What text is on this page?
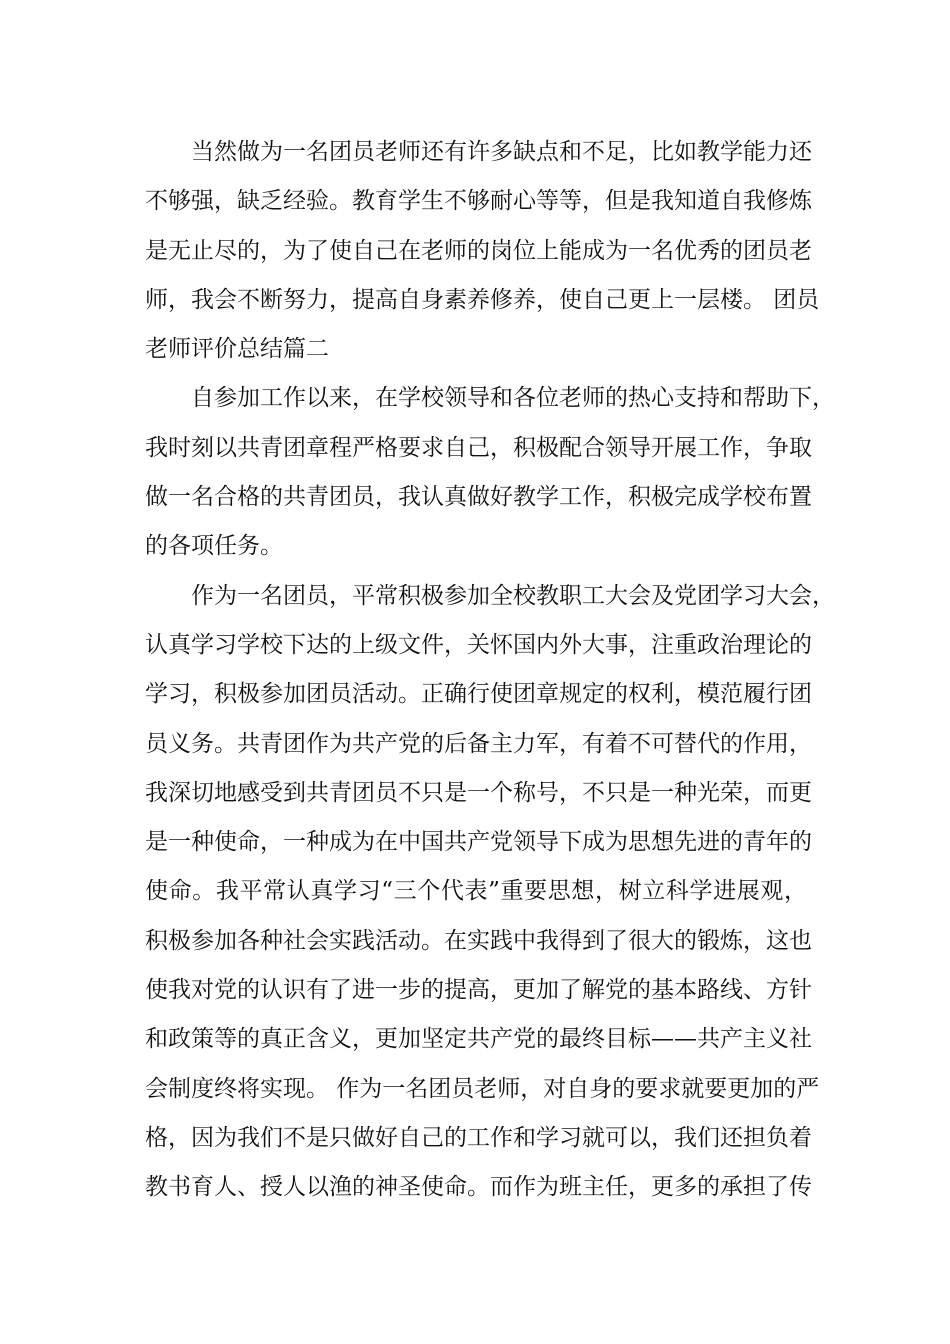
当然做为一名团员老师还有许多缺点和不足，比如教学能力还
不够强，缺乏经验。教育学生不够耐心等等，但是我知道自我修炼
是无止尽的，为了使自己在老师的岗位上能成为一名优秀的团员老
师，我会不断努力，提高自身素养修养，使自己更上一层楼。 团员
老师评价总结篇二
自参加工作以来，在学校领导和各位老师的热心支持和帮助下，
我时刻以共青团章程严格要求自己，积极配合领导开展工作，争取
做一名合格的共青团员，我认真做好教学工作，积极完成学校布置
的各项任务。
作为一名团员，平常积极参加全校教职工大会及党团学习大会，
认真学习学校下达的上级文件，关怀国内外大事，注重政治理论的
学习，积极参加团员活动。正确行使团章规定的权利，模范履行团
员义务。共青团作为共产党的后备主力军，有着不可替代的作用，
我深切地感受到共青团员不只是一个称号，不只是一种光荣，而更
是一种使命，一种成为在中国共产党领导下成为思想先进的青年的
使命。我平常认真学习“三个代表”重要思想，树立科学进展观，
积极参加各种社会实践活动。在实践中我得到了很大的锻炼，这也
使我对党的认识有了进一步的提高，更加了解党的基本路线、方针
和政策等的真正含义，更加坚定共产党的最终目标——共产主义社
会制度终将实现。 作为一名团员老师，对自身的要求就要更加的严
格，因为我们不是只做好自己的工作和学习就可以，我们还担负着
教书育人、授人以渔的神圣使命。而作为班主任，更多的承担了传
